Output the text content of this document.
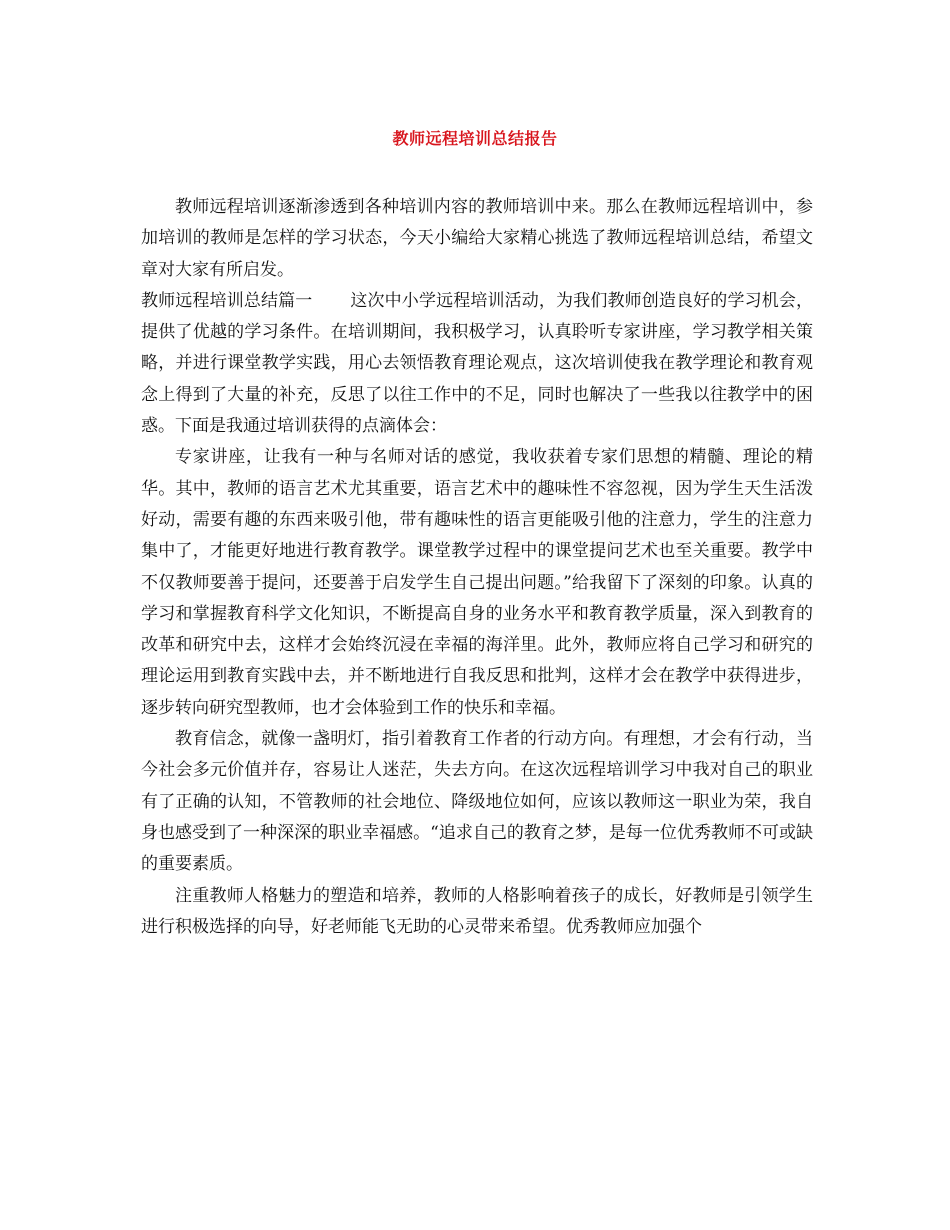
教师远程培训总结报告

教师远程培训逐渐渗透到各种培训内容的教师培训中来。那么在教师远程培训中，参加培训的教师是怎样的学习状态，今天小编给大家精心挑选了教师远程培训总结，希望文章对大家有所启发。

教师远程培训总结篇一 这次中小学远程培训活动，为我们教师创造良好的学习机会，提供了优越的学习条件。在培训期间，我积极学习，认真聆听专家讲座，学习教学相关策略，并进行课堂教学实践，用心去领悟教育理论观点，这次培训使我在教学理论和教育观念上得到了大量的补充，反思了以往工作中的不足，同时也解决了一些我以往教学中的困惑。下面是我通过培训获得的点滴体会：

专家讲座，让我有一种与名师对话的感觉，我收获着专家们思想的精髓、理论的精华。其中，教师的语言艺术尤其重要，语言艺术中的趣味性不容忽视，因为学生天生活泼好动，需要有趣的东西来吸引他，带有趣味性的语言更能吸引他的注意力，学生的注意力集中了，才能更好地进行教育教学。课堂教学过程中的课堂提问艺术也至关重要。教学中不仅教师要善于提问，还要善于启发学生自己提出问题。”给我留下了深刻的印象。认真的学习和掌握教育科学文化知识，不断提高自身的业务水平和教育教学质量，深入到教育的改革和研究中去，这样才会始终沉浸在幸福的海洋里。此外，教师应将自己学习和研究的理论运用到教育实践中去，并不断地进行自我反思和批判，这样才会在教学中获得进步，逐步转向研究型教师，也才会体验到工作的快乐和幸福。

教育信念，就像一盏明灯，指引着教育工作者的行动方向。有理想，才会有行动，当今社会多元价值并存，容易让人迷茫，失去方向。在这次远程培训学习中我对自己的职业有了正确的认知，不管教师的社会地位、降级地位如何，应该以教师这一职业为荣，我自身也感受到了一种深深的职业幸福感。“追求自己的教育之梦，是每一位优秀教师不可或缺的重要素质。

注重教师人格魅力的塑造和培养，教师的人格影响着孩子的成长，好教师是引领学生进行积极选择的向导，好老师能飞无助的心灵带来希望。优秀教师应加强个
